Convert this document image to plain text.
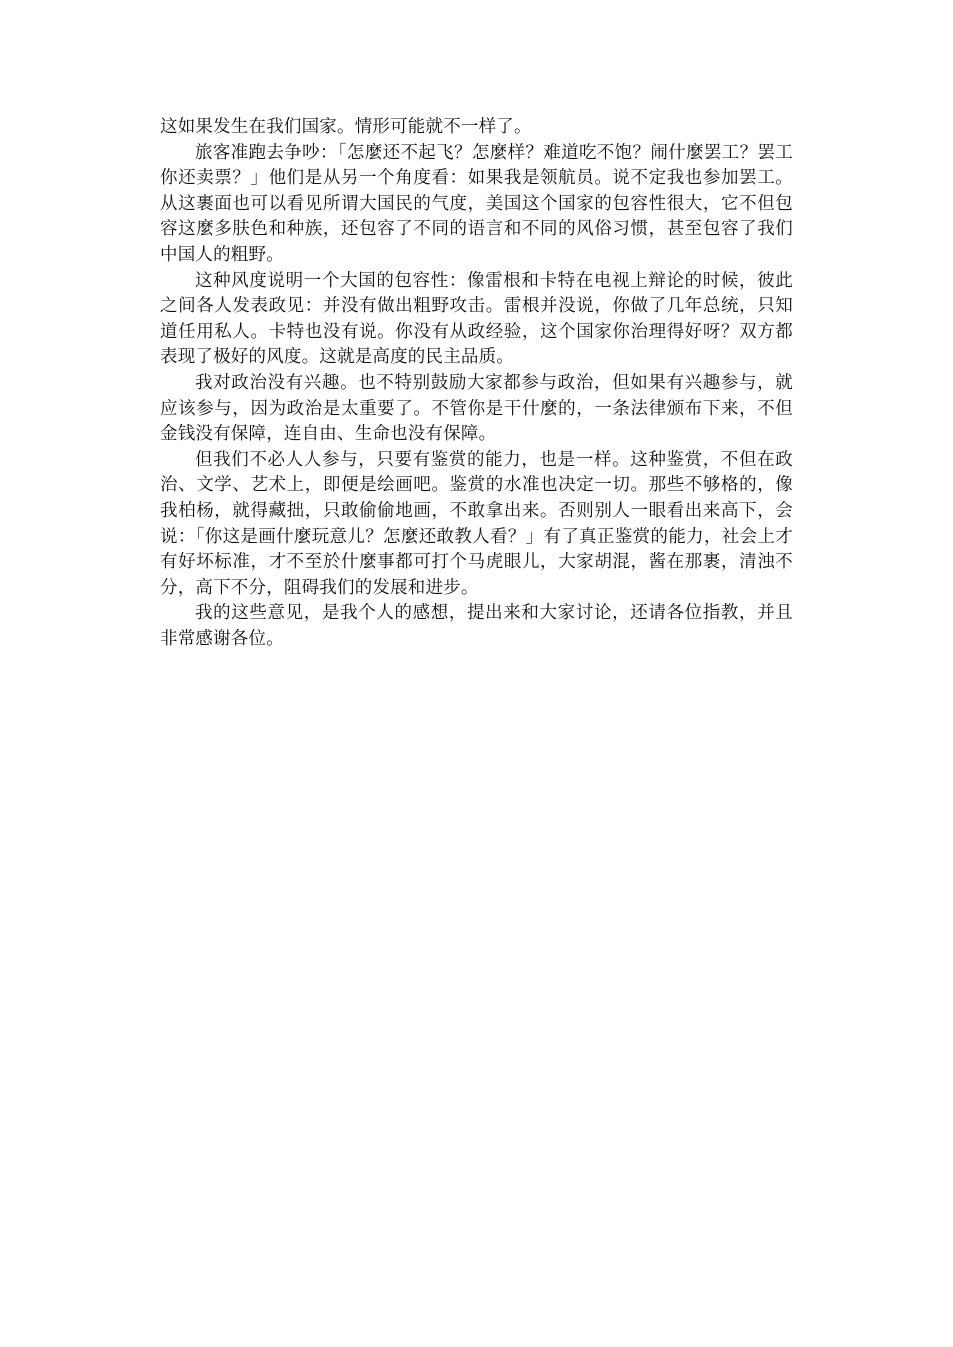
这如果发生在我们国家。情形可能就不一样了。

旅客准跑去争吵：「怎麼还不起飞？怎麼样？难道吃不饱？闹什麼罢工？罢工你还卖票？」他们是从另一个角度看：如果我是领航员。说不定我也参加罢工。从这裹面也可以看见所谓大国民的气度，美国这个国家的包容性很大，它不但包容这麼多肤色和种族，还包容了不同的语言和不同的风俗习惯，甚至包容了我们中国人的粗野。

这种风度说明一个大国的包容性：像雷根和卡特在电视上辩论的时候，彼此之间各人发表政见：并没有做出粗野攻击。雷根并没说，你做了几年总统，只知道任用私人。卡特也没有说。你没有从政经验，这个国家你治理得好呀？双方都表现了极好的风度。这就是高度的民主品质。

我对政治没有兴趣。也不特别鼓励大家都参与政治，但如果有兴趣参与，就应该参与，因为政治是太重要了。不管你是干什麼的，一条法律颁布下来，不但金钱没有保障，连自由、生命也没有保障。

但我们不必人人参与，只要有鉴赏的能力，也是一样。这种鉴赏，不但在政治、文学、艺术上，即便是绘画吧。鉴赏的水准也决定一切。那些不够格的，像我柏杨，就得藏拙，只敢偷偷地画，不敢拿出来。否则别人一眼看出来高下，会说：「你这是画什麼玩意儿？怎麼还敢教人看？」有了真正鉴赏的能力，社会上才有好坏标准，才不至於什麼事都可打个马虎眼儿，大家胡混，酱在那裹，清浊不分，高下不分，阻碍我们的发展和进步。

我的这些意见，是我个人的感想，提出来和大家讨论，还请各位指教，并且非常感谢各位。
